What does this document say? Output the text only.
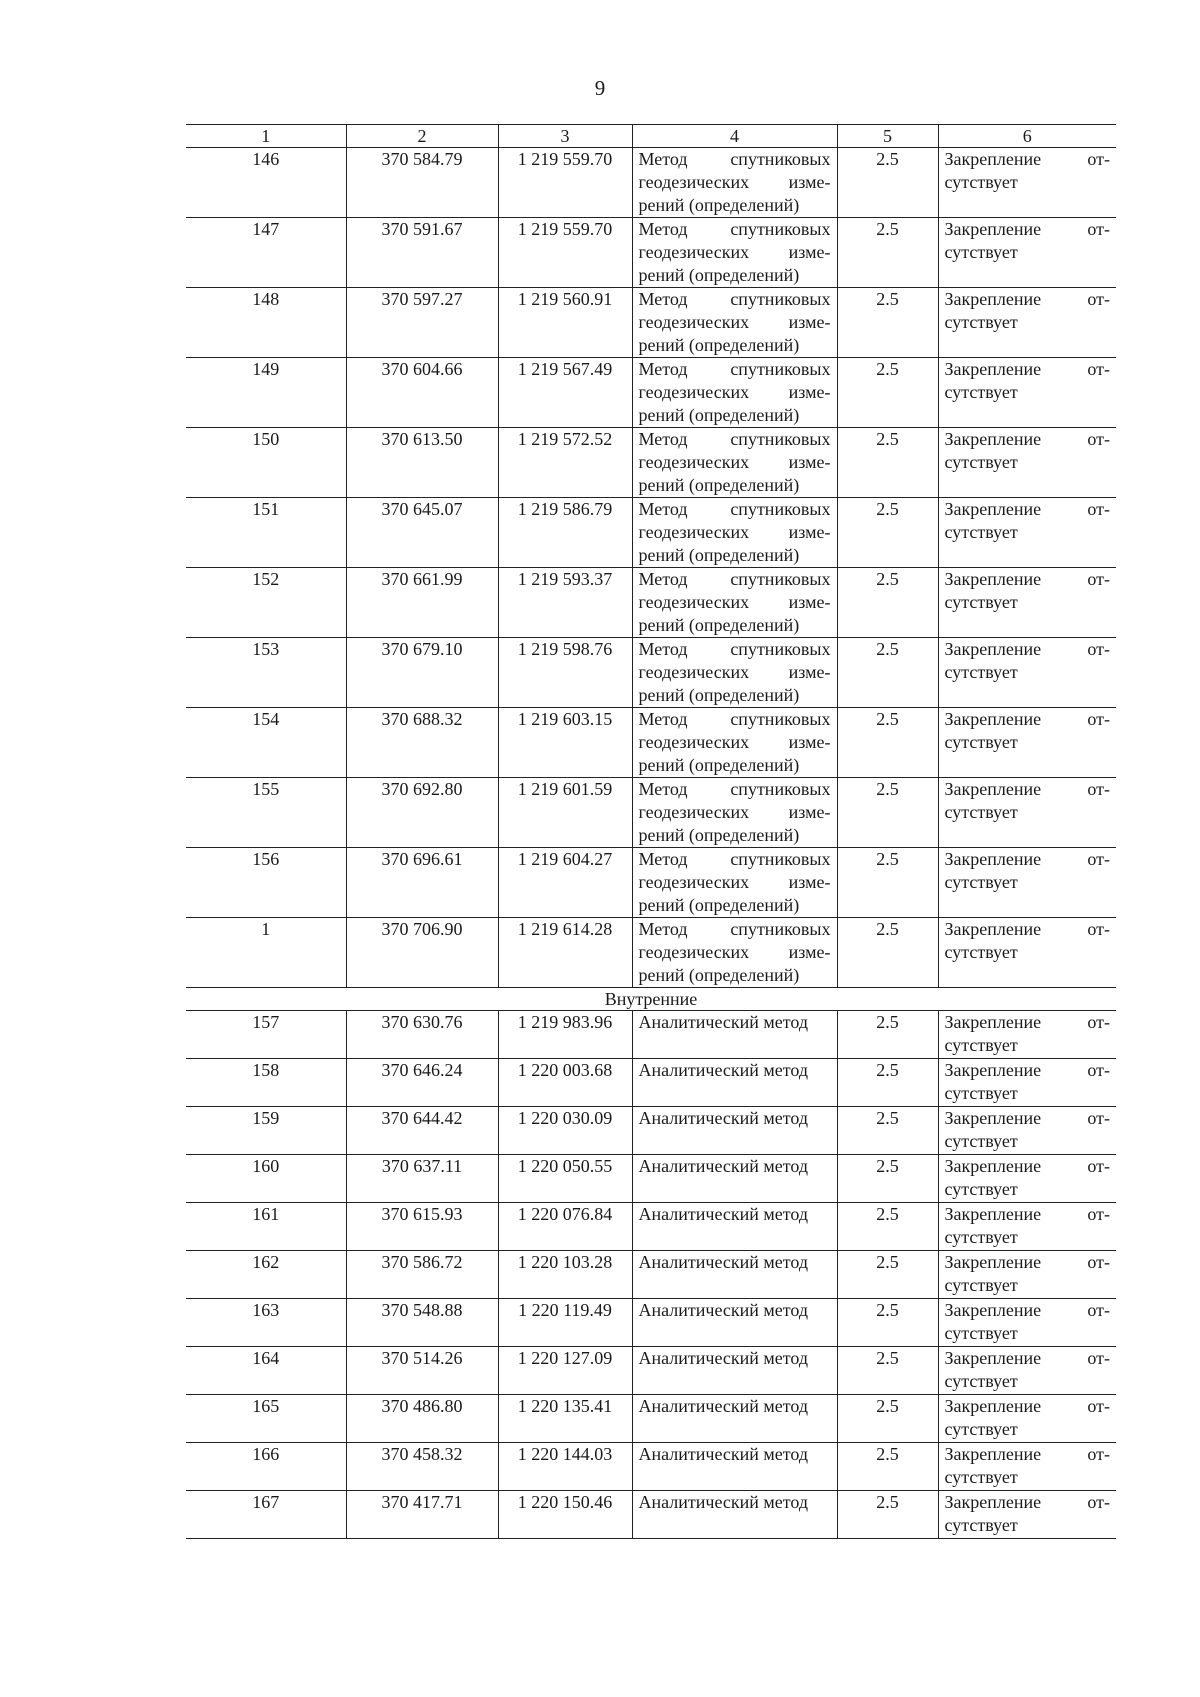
9
1	2	3	4	5	6
146	370 584.79	1 219 559.70	Метод спутниковых геодезических изме-рений (определений)	2.5	Закрепление от-сутствует
147	370 591.67	1 219 559.70	Метод спутниковых геодезических изме-рений (определений)	2.5	Закрепление от-сутствует
148	370 597.27	1 219 560.91	Метод спутниковых геодезических изме-рений (определений)	2.5	Закрепление от-сутствует
149	370 604.66	1 219 567.49	Метод спутниковых геодезических изме-рений (определений)	2.5	Закрепление от-сутствует
150	370 613.50	1 219 572.52	Метод спутниковых геодезических изме-рений (определений)	2.5	Закрепление от-сутствует
151	370 645.07	1 219 586.79	Метод спутниковых геодезических изме-рений (определений)	2.5	Закрепление от-сутствует
152	370 661.99	1 219 593.37	Метод спутниковых геодезических изме-рений (определений)	2.5	Закрепление от-сутствует
153	370 679.10	1 219 598.76	Метод спутниковых геодезических изме-рений (определений)	2.5	Закрепление от-сутствует
154	370 688.32	1 219 603.15	Метод спутниковых геодезических изме-рений (определений)	2.5	Закрепление от-сутствует
155	370 692.80	1 219 601.59	Метод спутниковых геодезических изме-рений (определений)	2.5	Закрепление от-сутствует
156	370 696.61	1 219 604.27	Метод спутниковых геодезических изме-рений (определений)	2.5	Закрепление от-сутствует
1	370 706.90	1 219 614.28	Метод спутниковых геодезических изме-рений (определений)	2.5	Закрепление от-сутствует
Внутренние					
157	370 630.76	1 219 983.96	Аналитический метод	2.5	Закрепление от-сутствует
158	370 646.24	1 220 003.68	Аналитический метод	2.5	Закрепление от-сутствует
159	370 644.42	1 220 030.09	Аналитический метод	2.5	Закрепление от-сутствует
160	370 637.11	1 220 050.55	Аналитический метод	2.5	Закрепление от-сутствует
161	370 615.93	1 220 076.84	Аналитический метод	2.5	Закрепление от-сутствует
162	370 586.72	1 220 103.28	Аналитический метод	2.5	Закрепление от-сутствует
163	370 548.88	1 220 119.49	Аналитический метод	2.5	Закрепление от-сутствует
164	370 514.26	1 220 127.09	Аналитический метод	2.5	Закрепление от-сутствует
165	370 486.80	1 220 135.41	Аналитический метод	2.5	Закрепление от-сутствует
166	370 458.32	1 220 144.03	Аналитический метод	2.5	Закрепление от-сутствует
167	370 417.71	1 220 150.46	Аналитический метод	2.5	Закрепление от-сутствует
